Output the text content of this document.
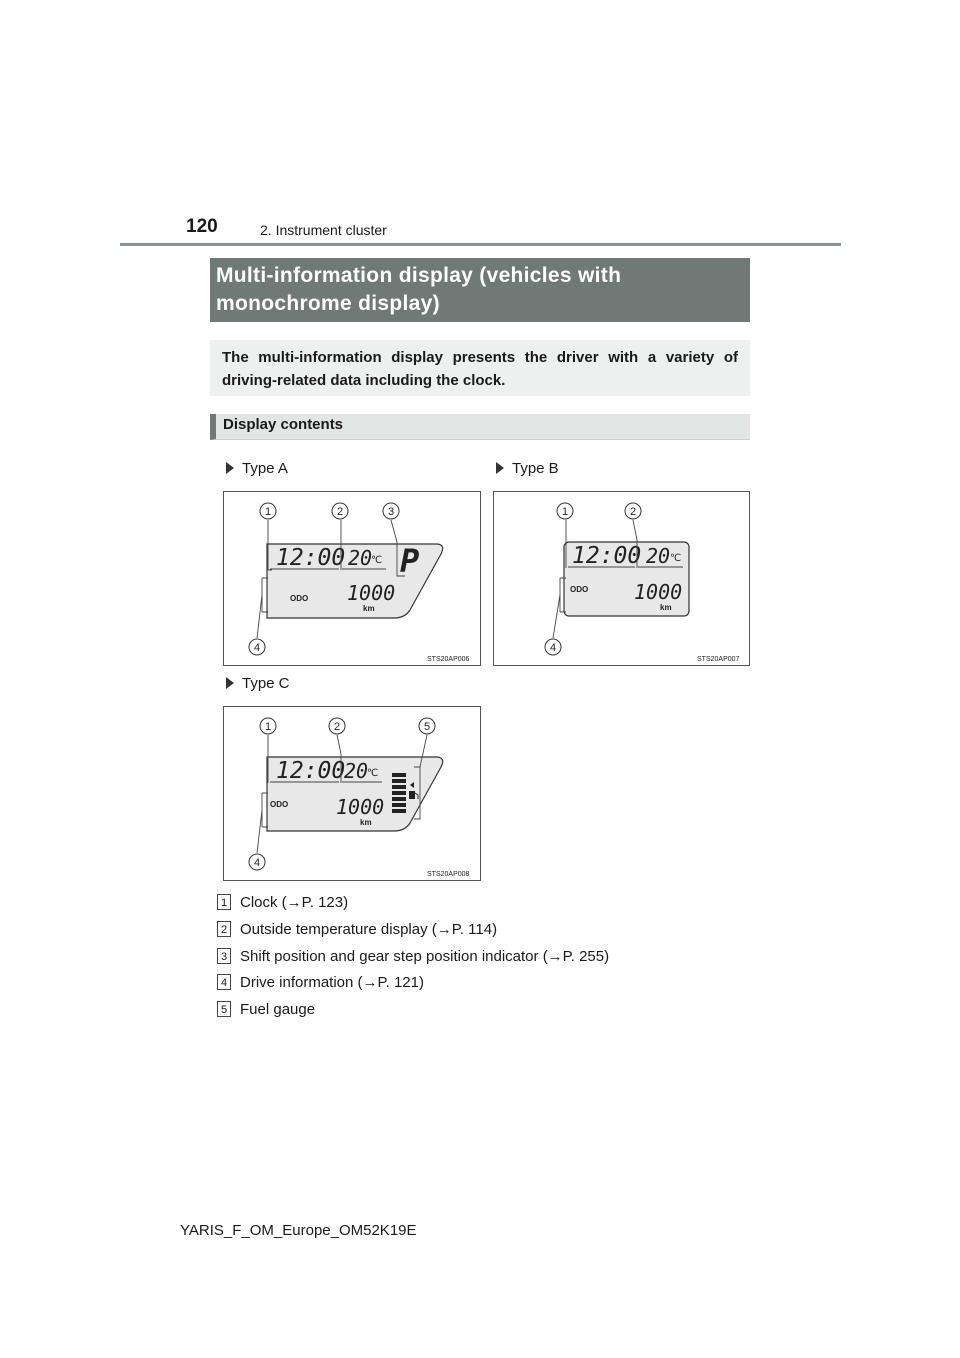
120	2. Instrument cluster
Multi-information display (vehicles with
monochrome display)
The multi-information display presents the driver with a variety of driving-related data including the clock.
Display contents
Type A	Type B
Type C
12:00 20
℃ P
ODO 1000
km
1	2	3
4
STS20AP006
12:00 20 ℃
ODO 1000
km
1	2
4
STS20AP007
12:00
20
℃
ODO 1000
km
1	2	5
4
STS20AP008
1 Clock (→P. 123)
2 Outside temperature display (→P. 114)
3 Shift position and gear step position indicator (→P. 255)
4 Drive information (→P. 121)
5 Fuel gauge
YARIS_F_OM_Europe_OM52K19E
